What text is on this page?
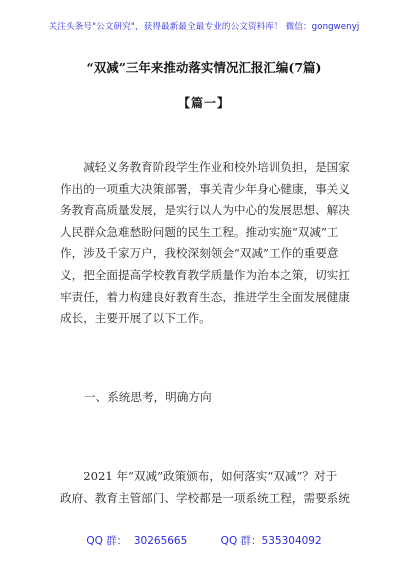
关注头条号"公文研究"，获得最新最全最专业的公文资料库！ 微信：gongwenyj
“双减”三年来推动落实情况汇报汇编(7篇)
【篇一】
　　减轻义务教育阶段学生作业和校外培训负担，是国家
作出的一项重大决策部署，事关青少年身心健康，事关义
务教育高质量发展，是实行以人为中心的发展思想、解决
人民群众急难愁盼问题的民生工程。推动实施“双减”工
作，涉及千家万户，我校深刻领会“双减”工作的重要意
义，把全面提高学校教育教学质量作为治本之策，切实扛
牢责任，着力构建良好教育生态，推进学生全面发展健康
成长，主要开展了以下工作。
一、系统思考，明确方向
　　2021 年“双减”政策颁布，如何落实“双减”？对于
政府、教育主管部门、学校都是一项系统工程，需要系统
QQ 群：  30265665          QQ 群：535304092
